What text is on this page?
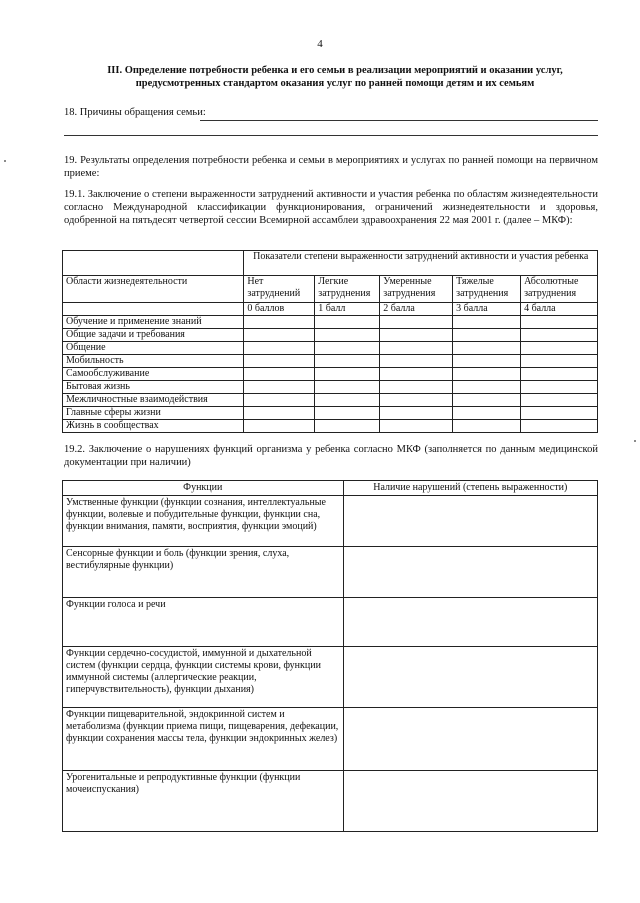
4
III. Определение потребности ребенка и его семьи в реализации мероприятий и оказании услуг, предусмотренных стандартом оказания услуг по ранней помощи детям и их семьям
18. Причины обращения семьи:
19. Результаты определения потребности ребенка и семьи в мероприятиях и услугах по ранней помощи на первичном приеме:
19.1. Заключение о степени выраженности затруднений активности и участия ребенка по областям жизнедеятельности согласно Международной классификации функционирования, ограничений жизнедеятельности и здоровья, одобренной на пятьдесят четвертой сессии Всемирной ассамблеи здравоохранения 22 мая 2001 г. (далее – МКФ):
	Показатели степени выраженности затруднений активности и участия ребенка				
Области жизнедеятельности	Нет затруднений	Легкие затруднения	Умеренные затруднения	Тяжелые затруднения	Абсолютные затруднения
	0 баллов	1 балл	2 балла	3 балла	4 балла
Обучение и применение знаний					
Общие задачи и требования					
Общение					
Мобильность					
Самообслуживание					
Бытовая жизнь					
Межличностные взаимодействия					
Главные сферы жизни					
Жизнь в сообществах					
19.2. Заключение о нарушениях функций организма у ребенка согласно МКФ (заполняется по данным медицинской документации при наличии)
Функции	Наличие нарушений (степень выраженности)
Умственные функции (функции сознания, интеллектуальные функции, волевые и побудительные функции, функции сна, функции внимания, памяти, восприятия, функции эмоций)	
Сенсорные функции и боль (функции зрения, слуха, вестибулярные функции)	
Функции голоса и речи	
Функции сердечно-сосудистой, иммунной и дыхательной систем (функции сердца, функции системы крови, функции иммунной системы (аллергические реакции, гиперчувствительность), функции дыхания)	
Функции пищеварительной, эндокринной систем и метаболизма (функции приема пищи, пищеварения, дефекации, функции сохранения массы тела, функции эндокринных желез)	
Урогенитальные и репродуктивные функции (функции мочеиспускания)	
